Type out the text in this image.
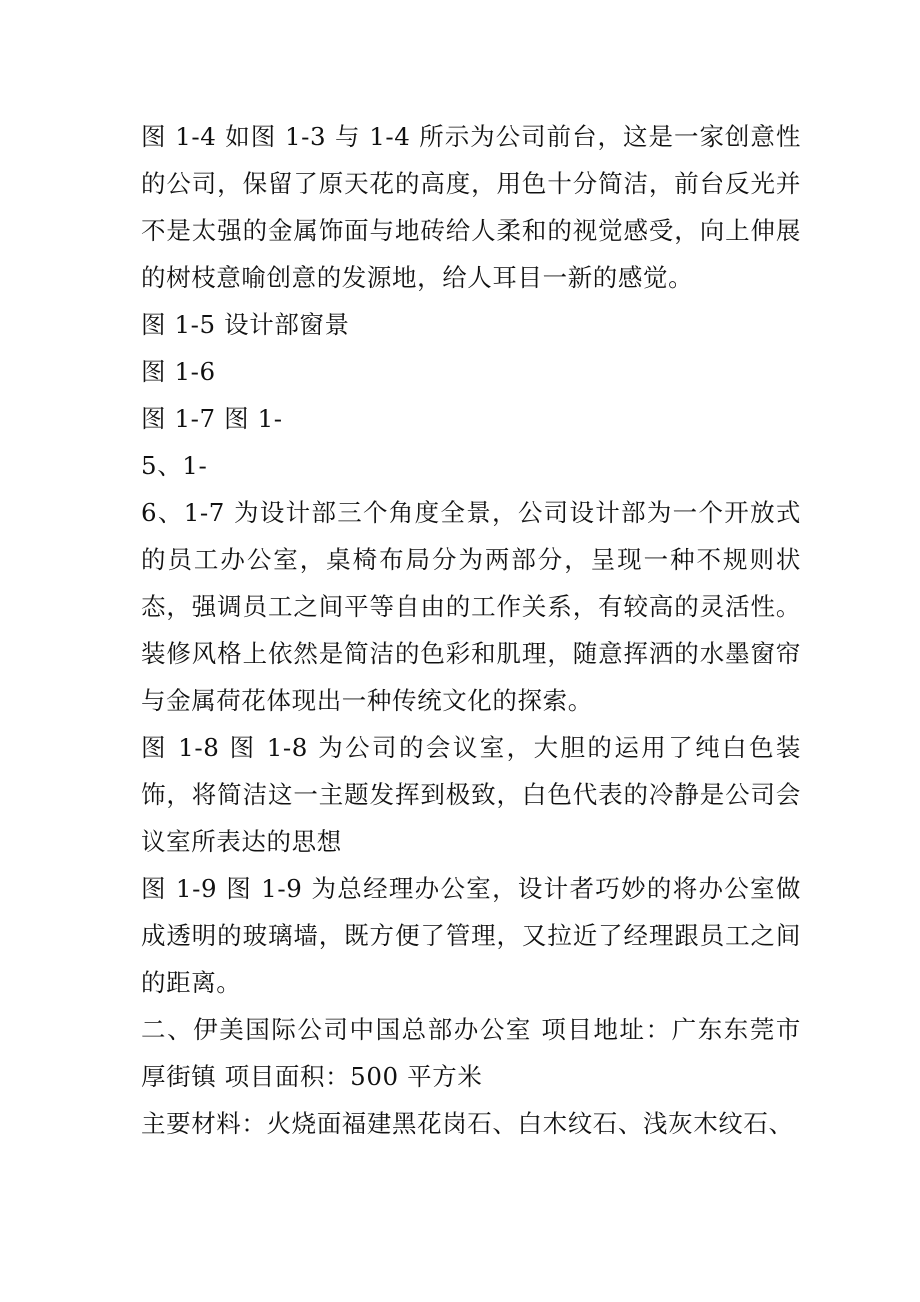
图 1-4 如图 1-3 与 1-4 所示为公司前台，这是一家创意性的公司，保留了原天花的高度，用色十分简洁，前台反光并不是太强的金属饰面与地砖给人柔和的视觉感受，向上伸展的树枝意喻创意的发源地，给人耳目一新的感觉。

图 1-5 设计部窗景

图 1-6

图 1-7 图 1-

5、1-

6、1-7 为设计部三个角度全景，公司设计部为一个开放式的员工办公室，桌椅布局分为两部分，呈现一种不规则状态，强调员工之间平等自由的工作关系，有较高的灵活性。装修风格上依然是简洁的色彩和肌理，随意挥洒的水墨窗帘与金属荷花体现出一种传统文化的探索。

图 1-8 图 1-8 为公司的会议室，大胆的运用了纯白色装饰，将简洁这一主题发挥到极致，白色代表的冷静是公司会议室所表达的思想

图 1-9 图 1-9 为总经理办公室，设计者巧妙的将办公室做成透明的玻璃墙，既方便了管理，又拉近了经理跟员工之间的距离。

二、伊美国际公司中国总部办公室 项目地址：广东东莞市厚街镇 项目面积：500 平方米

主要材料：火烧面福建黑花岗石、白木纹石、浅灰木纹石、
